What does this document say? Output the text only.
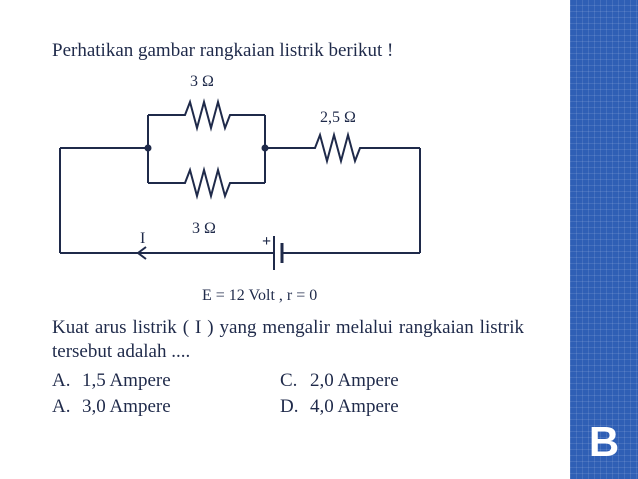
Perhatikan gambar rangkaian listrik berikut !
3 Ω
3 Ω
2,5 Ω
I	+
E = 12 Volt , r = 0
Kuat arus listrik ( I ) yang mengalir melalui rangkaian listrik tersebut adalah ....
A. 1,5 Ampere	C. 2,0 Ampere
A. 3,0 Ampere	D. 4,0 Ampere
B
